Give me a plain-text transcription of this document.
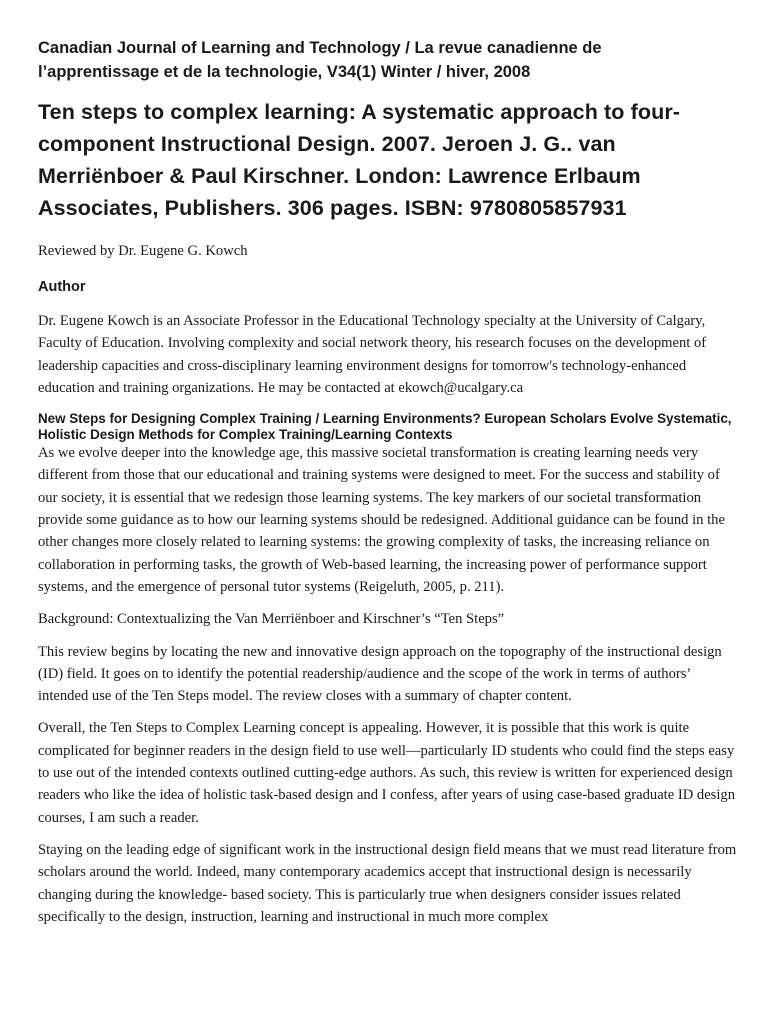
Canadian Journal of Learning and Technology / La revue canadienne de
l’apprentissage et de la technologie, V34(1) Winter / hiver, 2008
Ten steps to complex learning: A systematic approach to four-component Instructional Design. 2007. Jeroen J. G.. van Merriënboer & Paul Kirschner. London: Lawrence Erlbaum Associates, Publishers. 306 pages. ISBN: 9780805857931
Reviewed by Dr. Eugene G. Kowch
Author

Dr. Eugene Kowch is an Associate Professor in the Educational Technology specialty at the University of Calgary, Faculty of Education. Involving complexity and social network theory, his research focuses on the development of leadership capacities and cross-disciplinary learning environment designs for tomorrow's technology-enhanced education and training organizations. He may be contacted at ekowch@ucalgary.ca

New Steps for Designing Complex Training / Learning Environments? European Scholars Evolve Systematic, Holistic Design Methods for Complex Training/Learning Contexts

As we evolve deeper into the knowledge age, this massive societal transformation is creating learning needs very different from those that our educational and training systems were designed to meet. For the success and stability of our society, it is essential that we redesign those learning systems. The key markers of our societal transformation provide some guidance as to how our learning systems should be redesigned. Additional guidance can be found in the other changes more closely related to learning systems: the growing complexity of tasks, the increasing reliance on collaboration in performing tasks, the growth of Web-based learning, the increasing power of performance support systems, and the emergence of personal tutor systems (Reigeluth, 2005, p. 211).

Background: Contextualizing the Van Merriënboer and Kirschner’s “Ten Steps”

This review begins by locating the new and innovative design approach on the topography of the instructional design (ID) field. It goes on to identify the potential readership/audience and the scope of the work in terms of authors’ intended use of the Ten Steps model. The review closes with a summary of chapter content.

Overall, the Ten Steps to Complex Learning concept is appealing. However, it is possible that this work is quite complicated for beginner readers in the design field to use well—particularly ID students who could find the steps easy to use out of the intended contexts outlined cutting-edge authors. As such, this review is written for experienced design readers who like the idea of holistic task-based design and I confess, after years of using case-based graduate ID design courses, I am such a reader.

Staying on the leading edge of significant work in the instructional design field means that we must read literature from scholars around the world. Indeed, many contemporary academics accept that instructional design is necessarily changing during the knowledge- based society. This is particularly true when designers consider issues related specifically to the design, instruction, learning and instructional in much more complex
